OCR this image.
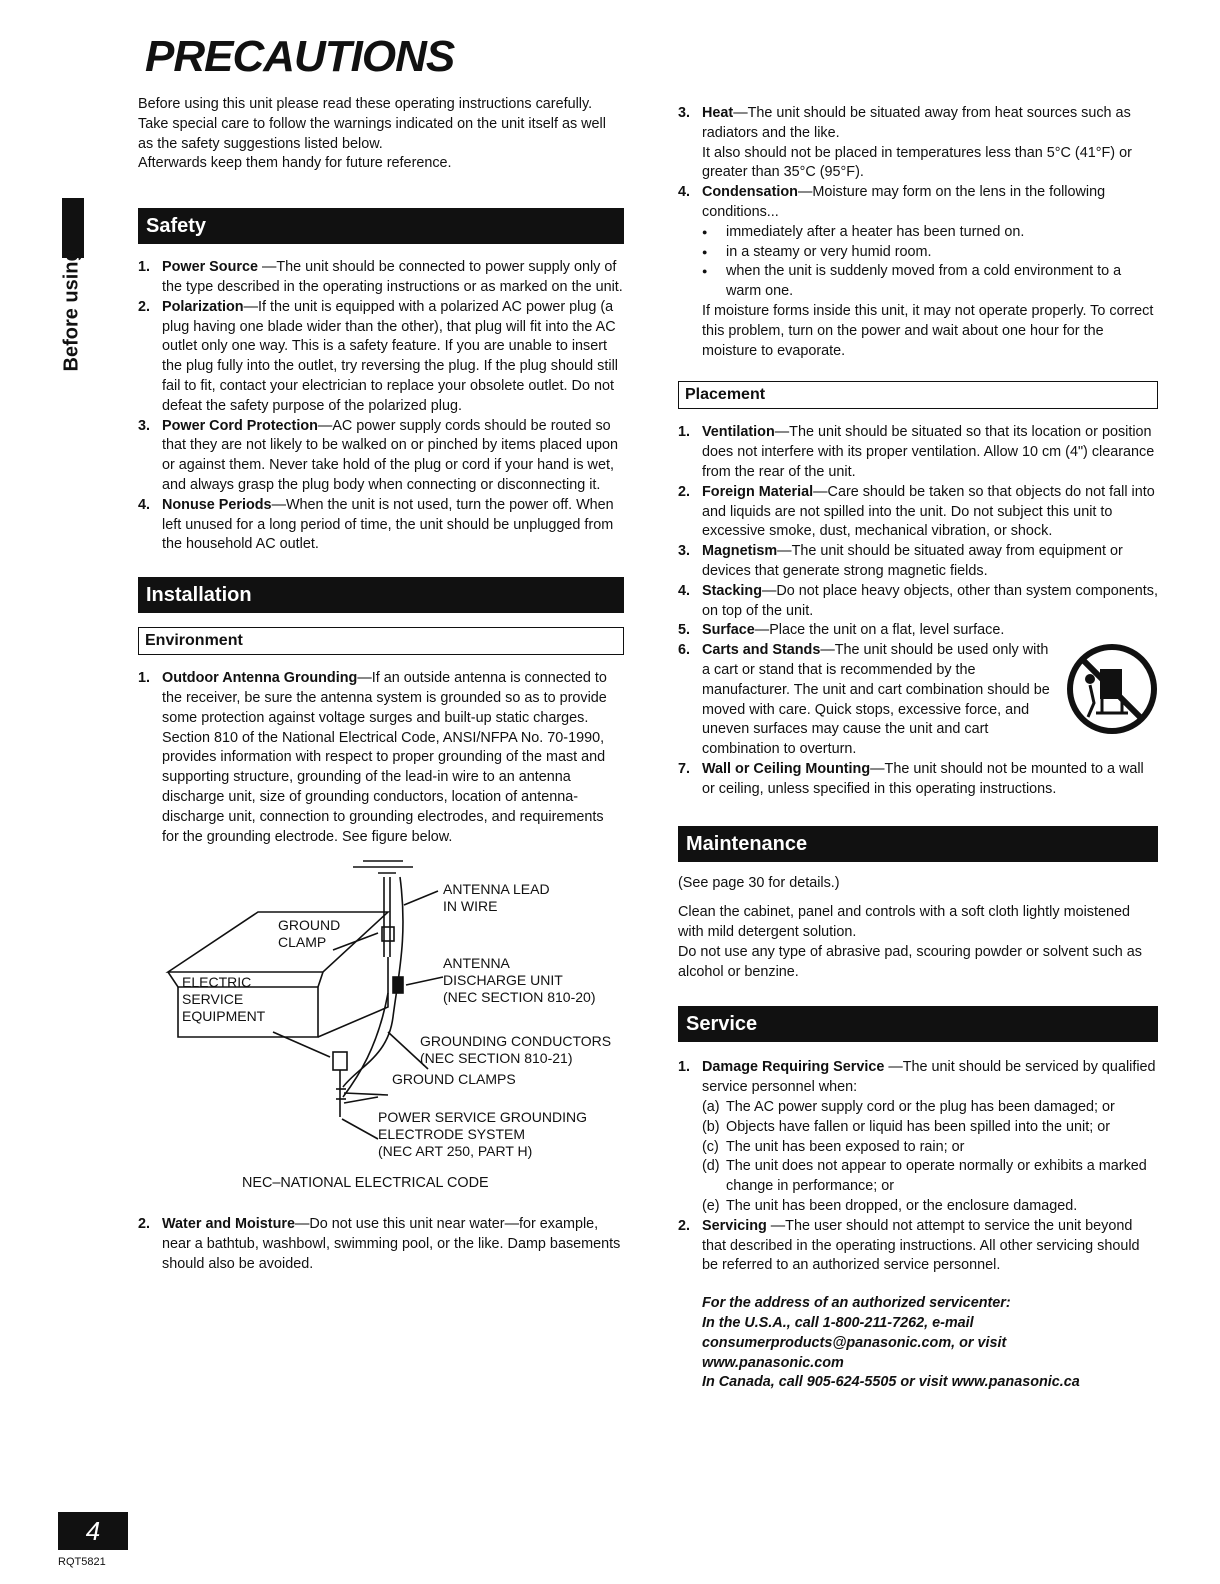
PRECAUTIONS
Before using

Before using this unit please read these operating instructions carefully.

Take special care to follow the warnings indicated on the unit itself as well as the safety suggestions listed below.

Afterwards keep them handy for future reference.

Safety
1. Power Source —The unit should be connected to power supply only of the type described in the operating instructions or as marked on the unit.
2. Polarization—If the unit is equipped with a polarized AC power plug (a plug having one blade wider than the other), that plug will fit into the AC outlet only one way. This is a safety feature. If you are unable to insert the plug fully into the outlet, try reversing the plug. If the plug should still fail to fit, contact your electrician to replace your obsolete outlet. Do not defeat the safety purpose of the polarized plug.
3. Power Cord Protection—AC power supply cords should be routed so that they are not likely to be walked on or pinched by items placed upon or against them. Never take hold of the plug or cord if your hand is wet, and always grasp the plug body when connecting or disconnecting it.
4. Nonuse Periods—When the unit is not used, turn the power off. When left unused for a long period of time, the unit should be unplugged from the household AC outlet.
Installation
Environment
1. Outdoor Antenna Grounding—If an outside antenna is connected to the receiver, be sure the antenna system is grounded so as to provide some protection against voltage surges and built-up static charges. Section 810 of the National Electrical Code, ANSI/NFPA No. 70-1990, provides information with respect to proper grounding of the mast and supporting structure, grounding of the lead-in wire to an antenna discharge unit, size of grounding conductors, location of antenna-discharge unit, connection to grounding electrodes, and requirements for the grounding electrode. See figure below.
ANTENNA LEAD
IN WIRE
GROUND
CLAMP
ANTENNA
DISCHARGE UNIT
(NEC SECTION 810-20)
ELECTRIC
SERVICE
EQUIPMENT
GROUNDING CONDUCTORS
(NEC SECTION 810-21)
GROUND CLAMPS
POWER SERVICE GROUNDING
ELECTRODE SYSTEM
(NEC ART 250, PART H)
NEC–NATIONAL ELECTRICAL CODE
2. Water and Moisture—Do not use this unit near water—for example, near a bathtub, washbowl, swimming pool, or the like. Damp basements should also be avoided.
3. Heat—The unit should be situated away from heat sources such as radiators and the like.
It also should not be placed in temperatures less than 5°C (41°F) or greater than 35°C (95°F).
4. Condensation—Moisture may form on the lens in the following conditions...
● immediately after a heater has been turned on.
● in a steamy or very humid room.
● when the unit is suddenly moved from a cold environment to a warm one.
If moisture forms inside this unit, it may not operate properly. To correct this problem, turn on the power and wait about one hour for the moisture to evaporate.
Placement
1. Ventilation—The unit should be situated so that its location or position does not interfere with its proper ventilation. Allow 10 cm (4") clearance from the rear of the unit.
2. Foreign Material—Care should be taken so that objects do not fall into and liquids are not spilled into the unit. Do not subject this unit to excessive smoke, dust, mechanical vibration, or shock.
3. Magnetism—The unit should be situated away from equipment or devices that generate strong magnetic fields.
4. Stacking—Do not place heavy objects, other than system components, on top of the unit.
5. Surface—Place the unit on a flat, level surface.
6. Carts and Stands—The unit should be used only with a cart or stand that is recommended by the manufacturer. The unit and cart combination should be moved with care. Quick stops, excessive force, and uneven surfaces may cause the unit and cart combination to overturn.
7. Wall or Ceiling Mounting—The unit should not be mounted to a wall or ceiling, unless specified in this operating instructions.
Maintenance
(See page 30 for details.)
Clean the cabinet, panel and controls with a soft cloth lightly moistened with mild detergent solution.
Do not use any type of abrasive pad, scouring powder or solvent such as alcohol or benzine.
Service
1. Damage Requiring Service —The unit should be serviced by qualified service personnel when:
(a) The AC power supply cord or the plug has been damaged; or
(b) Objects have fallen or liquid has been spilled into the unit; or
(c) The unit has been exposed to rain; or
(d) The unit does not appear to operate normally or exhibits a marked change in performance; or
(e) The unit has been dropped, or the enclosure damaged.
2. Servicing —The user should not attempt to service the unit beyond that described in the operating instructions. All other servicing should be referred to an authorized service personnel.
For the address of an authorized servicenter:
In the U.S.A., call 1-800-211-7262, e-mail
consumerproducts@panasonic.com, or visit
www.panasonic.com
In Canada, call 905-624-5505 or visit www.panasonic.ca
4
RQT5821
